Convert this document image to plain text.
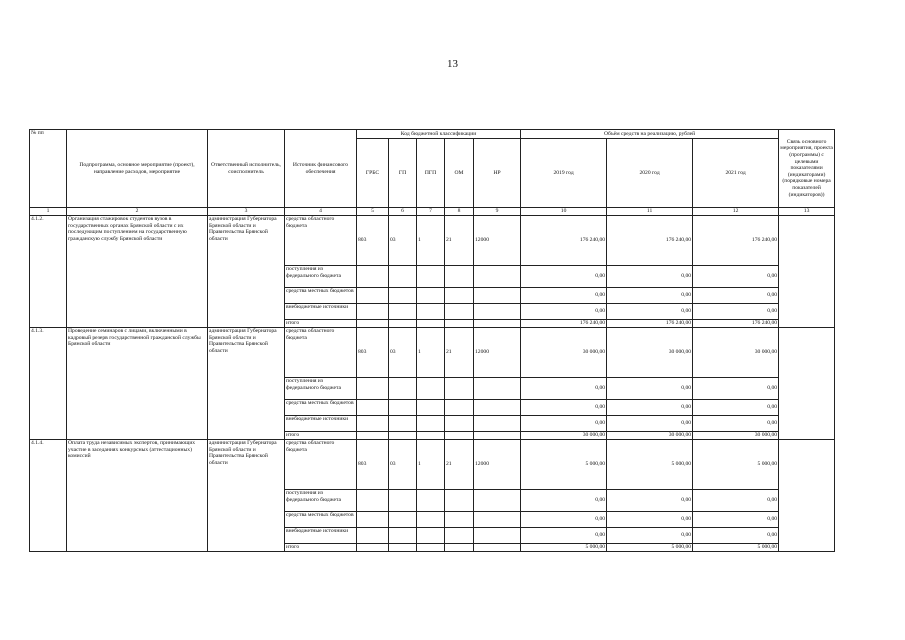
13
№ пп	Подпрограмма, основное мероприятие (проект), направление расходов, мероприятие	Ответственный исполнитель, соисполнитель	Источник финансового обеспечения	Код бюджетной классификации					Объём средств на реализацию, рублей			Связь основного мероприятия, проекта (программы) с целевыми показателями (индикаторами) (порядковые номера показателей (индикаторов))
				ГРБС	ГП	ПГП	ОМ	НР	2019 год	2020 год	2021 год	
1	2	3	4	5	6	7	8	9	10	11	12	13
4.1.2.	Организация стажировок студентов вузов в государственных органах Брянской области с их последующим поступлением на государственную гражданскую службу Брянской области	администрация Губернатора Брянской области и Правительства Брянской области	средства областного бюджета	803	03	1	21	12000	176 240,00	176 240,00	176 240,00	
			поступления из федерального бюджета						0,00	0,00	0,00	
			средства местных бюджетов						0,00	0,00	0,00	
			внебюджетные источники						0,00	0,00	0,00	
			итого						176 240,00	176 240,00	176 240,00	
4.1.3.	Проведение семинаров с лицами, включенными в кадровый резерв государственной гражданской службы Брянской области	администрация Губернатора Брянской области и Правительства Брянской области	средства областного бюджета	803	03	1	21	12000	30 000,00	30 000,00	30 000,00	
			поступления из федерального бюджета						0,00	0,00	0,00	
			средства местных бюджетов						0,00	0,00	0,00	
			внебюджетные источники						0,00	0,00	0,00	
			итого						30 000,00	30 000,00	30 000,00	
4.1.4.	Оплата труда независимых экспертов, принимающих участие в заседаниях конкурсных (аттестационных) комиссий	администрация Губернатора Брянской области и Правительства Брянской области	средства областного бюджета	803	03	1	21	12000	5 000,00	5 000,00	5 000,00	
			поступления из федерального бюджета						0,00	0,00	0,00	
			средства местных бюджетов						0,00	0,00	0,00	
			внебюджетные источники						0,00	0,00	0,00	
			итого						5 000,00	5 000,00	5 000,00	
